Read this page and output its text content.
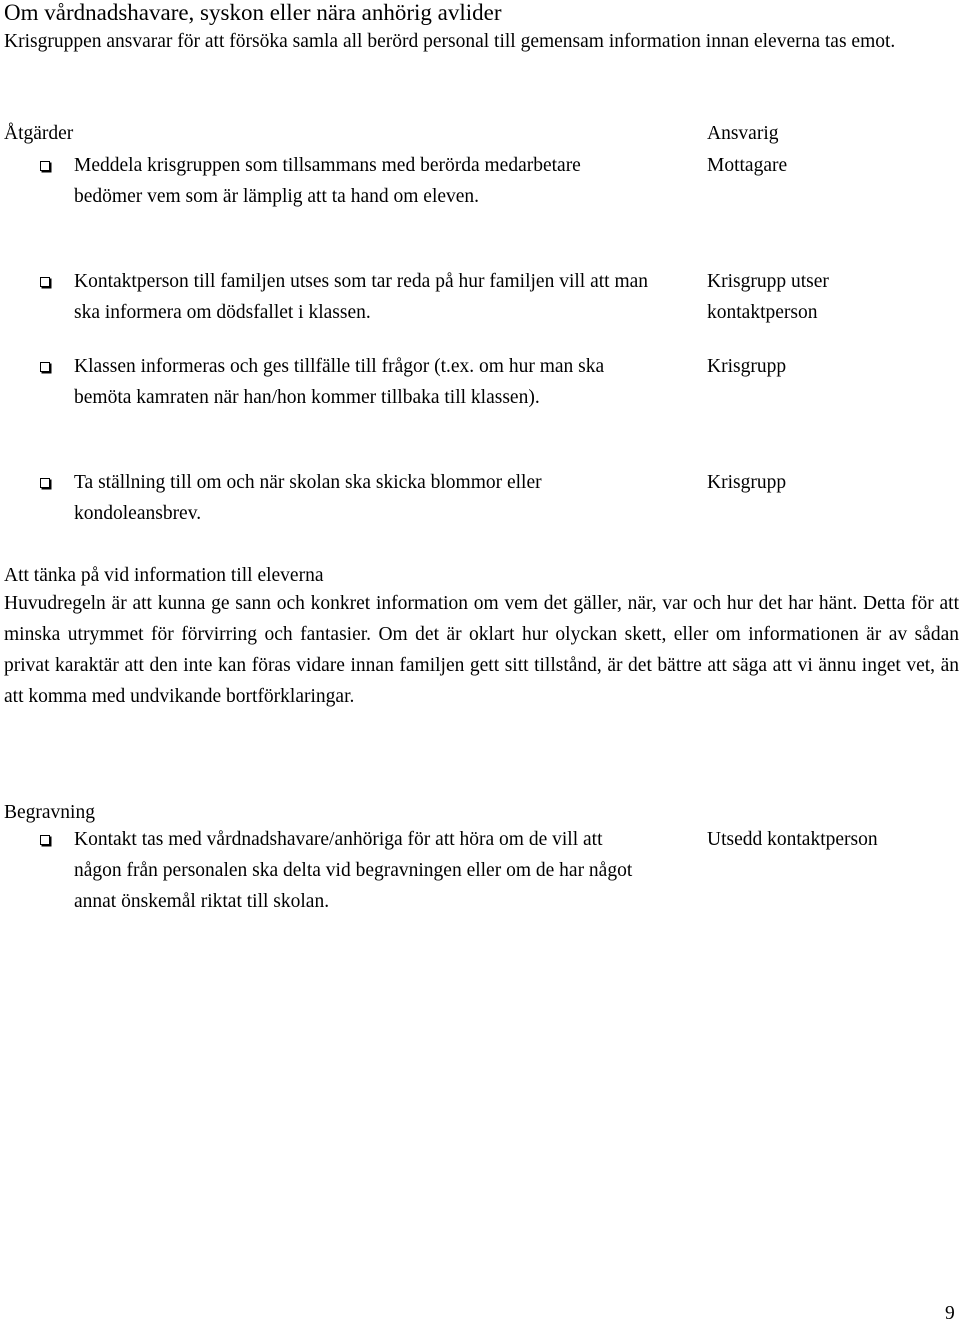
Om vårdnadshavare, syskon eller nära anhörig avlider
Krisgruppen ansvarar för att försöka samla all berörd personal till gemensam information innan eleverna tas emot.
Åtgärder	Ansvarig
Meddela krisgruppen som tillsammans med berörda medarbetare bedömer vem som är lämplig att ta hand om eleven.
Mottagare
Kontaktperson till familjen utses som tar reda på hur familjen vill att man ska informera om dödsfallet i klassen.
Krisgrupp utser kontaktperson
Klassen informeras och ges tillfälle till frågor (t.ex. om hur man ska bemöta kamraten när han/hon kommer tillbaka till klassen).
Krisgrupp
Ta ställning till om och när skolan ska skicka blommor eller kondoleansbrev.
Krisgrupp
Att tänka på vid information till eleverna
Huvudregeln är att kunna ge sann och konkret information om vem det gäller, när, var och hur det har hänt. Detta för att minska utrymmet för förvirring och fantasier. Om det är oklart hur olyckan skett, eller om informationen är av sådan privat karaktär att den inte kan föras vidare innan familjen gett sitt tillstånd, är det bättre att säga att vi ännu inget vet, än att komma med undvikande bortförklaringar.
Begravning
Kontakt tas med vårdnadshavare/anhöriga för att höra om de vill att någon från personalen ska delta vid begravningen eller om de har något annat önskemål riktat till skolan.
Utsedd kontaktperson
9
